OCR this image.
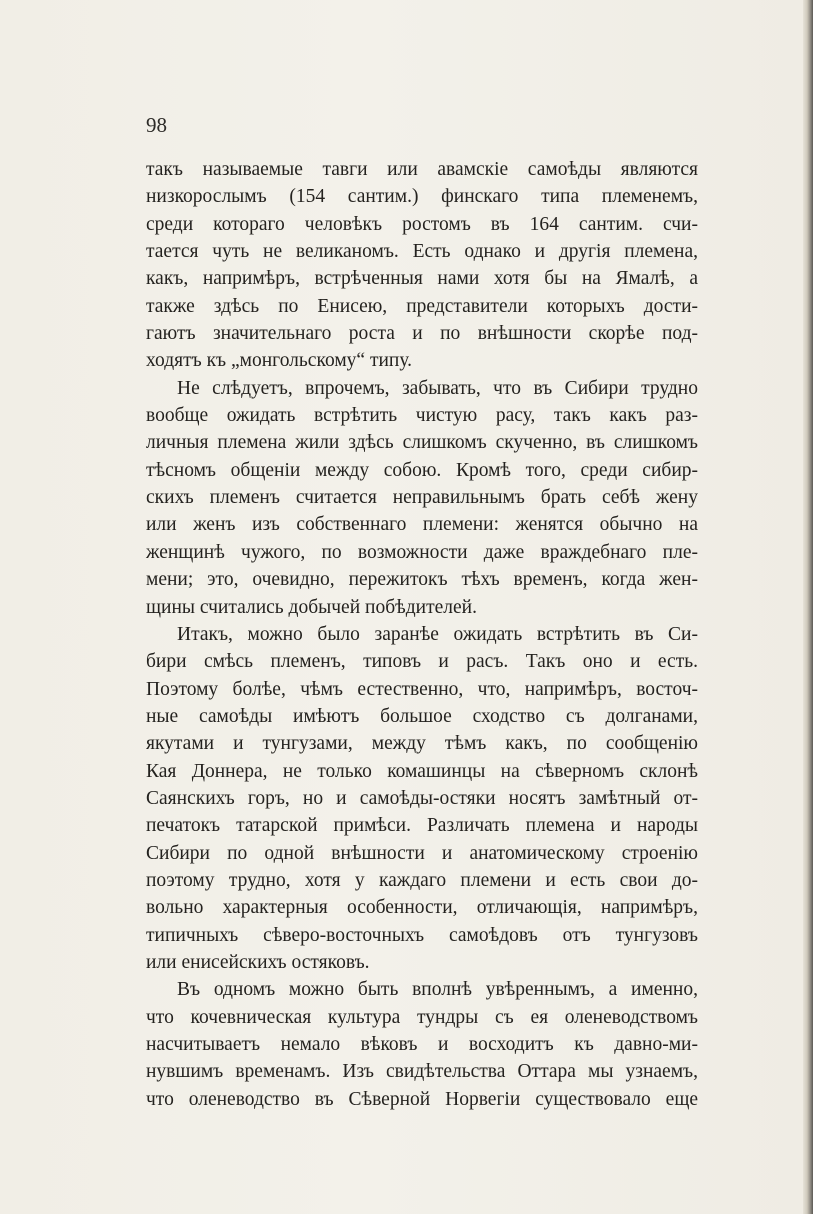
98

такъ называемые тавги или авамскiе самоѣды являются
низкорослымъ (154 сантим.) финскаго типа племенемъ,
среди котораго человѣкъ ростомъ въ 164 сантим. счи-
тается чуть не великаномъ. Есть однако и другiя племена,
какъ, напримѣръ, встрѣченныя нами хотя бы на Ямалѣ, а
также здѣсь по Енисею, представители которыхъ дости-
гаютъ значительнаго роста и по внѣшности скорѣе под-
ходятъ къ „монгольскому“ типу.

Не слѣдуетъ, впрочемъ, забывать, что въ Сибири трудно
вообще ожидать встрѣтить чистую расу, такъ какъ раз-
личныя племена жили здѣсь слишкомъ скученно, въ слишкомъ
тѣсномъ общенiи между собою. Кромѣ того, среди сибир-
скихъ племенъ считается неправильнымъ брать себѣ жену
или женъ изъ собственнаго племени: женятся обычно на
женщинѣ чужого, по возможности даже враждебнаго пле-
мени; это, очевидно, пережитокъ тѣхъ временъ, когда жен-
щины считались добычей побѣдителей.

Итакъ, можно было заранѣе ожидать встрѣтить въ Си-
бири смѣсь племенъ, типовъ и расъ. Такъ оно и есть.
Поэтому болѣе, чѣмъ естественно, что, напримѣръ, восточ-
ные самоѣды имѣютъ большое сходство съ долганами,
якутами и тунгузами, между тѣмъ какъ, по сообщенiю
Кая Доннера, не только комашинцы на сѣверномъ склонѣ
Саянскихъ горъ, но и самоѣды-остяки носятъ замѣтный от-
печатокъ татарской примѣси. Различать племена и народы
Сибири по одной внѣшности и анатомическому строенiю
поэтому трудно, хотя у каждаго племени и есть свои до-
вольно характерныя особенности, отличающiя, напримѣръ,
типичныхъ сѣверо-восточныхъ самоѣдовъ отъ тунгузовъ
или енисейскихъ остяковъ.

Въ одномъ можно быть вполнѣ увѣреннымъ, а именно,
что кочевническая культура тундры съ ея оленеводствомъ
насчитываетъ немало вѣковъ и восходитъ къ давно-ми-
нувшимъ временамъ. Изъ свидѣтельства Оттара мы узнаемъ,
что оленеводство въ Сѣверной Норвегiи существовало еще
